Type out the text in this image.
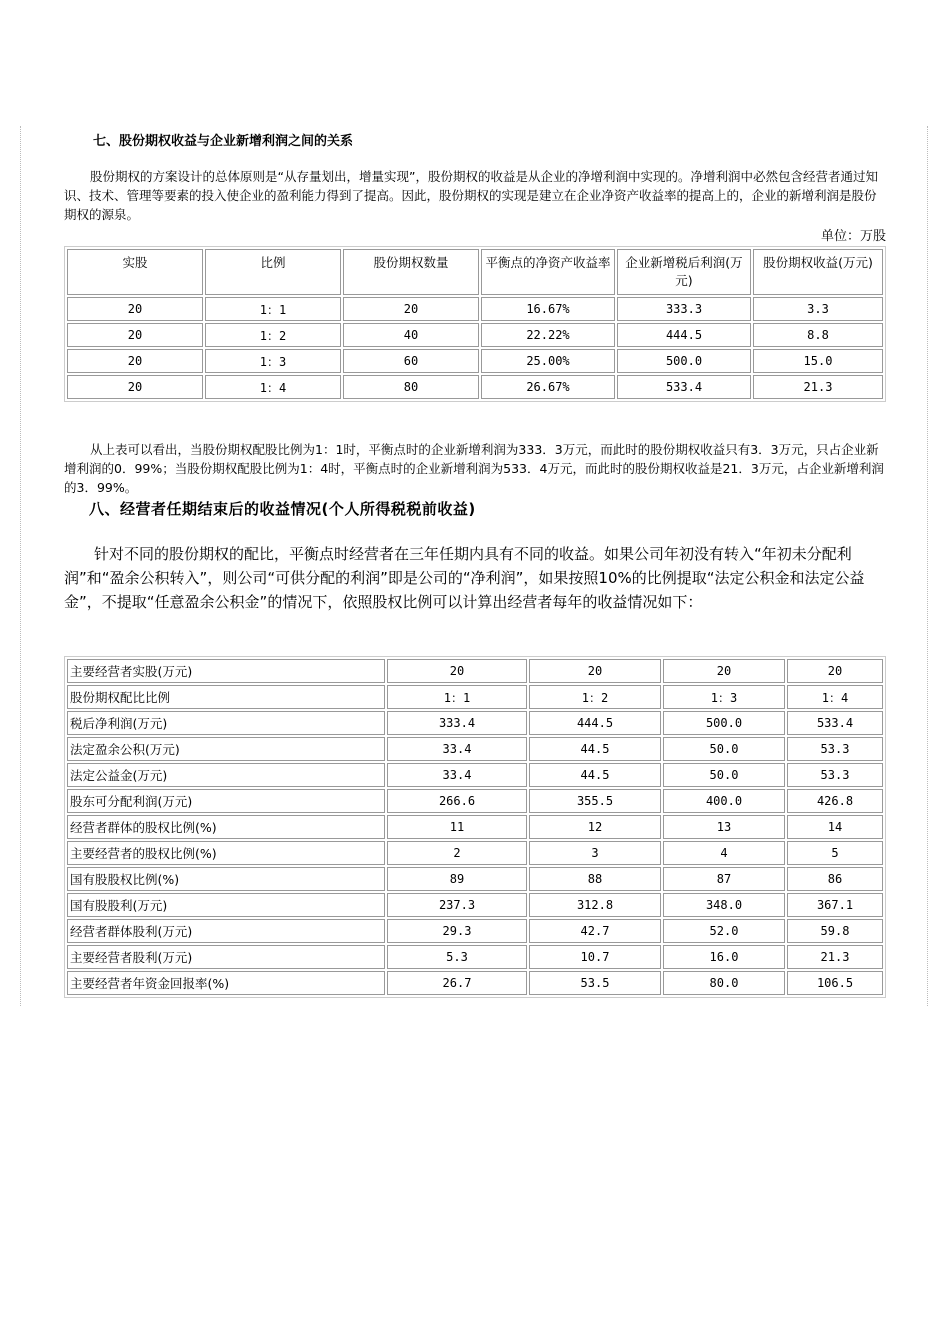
七、股份期权收益与企业新增利润之间的关系

股份期权的方案设计的总体原则是“从存量划出，增量实现”，股份期权的收益是从企业的净增利润中实现的。净增利润中必然包含经营者通过知识、技术、管理等要素的投入使企业的盈利能力得到了提高。因此，股份期权的实现是建立在企业净资产收益率的提高上的，企业的新增利润是股份期权的源泉。

单位：万股
实股	比例	股份期权数量	平衡点的净资产收益率	企业新增税后利润(万元)	股份期权收益(万元)
20	1：1	20	16.67%	333.3	3.3
20	1：2	40	22.22%	444.5	8.8
20	1：3	60	25.00%	500.0	15.0
20	1：4	80	26.67%	533.4	21.3

从上表可以看出，当股份期权配股比例为1：1时，平衡点时的企业新增利润为333．3万元，而此时的股份期权收益只有3．3万元，只占企业新增利润的0．99%；当股份期权配股比例为1：4时，平衡点时的企业新增利润为533．4万元，而此时的股份期权收益是21．3万元，占企业新增利润的3．99%。

八、经营者任期结束后的收益情况(个人所得税税前收益)

针对不同的股份期权的配比，平衡点时经营者在三年任期内具有不同的收益。如果公司年初没有转入“年初未分配利润”和“盈余公积转入”，则公司“可供分配的利润”即是公司的“净利润”，如果按照10%的比例提取“法定公积金和法定公益金”，不提取“任意盈余公积金”的情况下，依照股权比例可以计算出经营者每年的收益情况如下：

主要经营者实股(万元)	20	20	20	20
股份期权配比比例	1：1	1：2	1：3	1：4
税后净利润(万元)	333.4	444.5	500.0	533.4
法定盈余公积(万元)	33.4	44.5	50.0	53.3
法定公益金(万元)	33.4	44.5	50.0	53.3
股东可分配利润(万元)	266.6	355.5	400.0	426.8
经营者群体的股权比例(%)	11	12	13	14
主要经营者的股权比例(%)	2	3	4	5
国有股股权比例(%)	89	88	87	86
国有股股利(万元)	237.3	312.8	348.0	367.1
经营者群体股利(万元)	29.3	42.7	52.0	59.8
主要经营者股利(万元)	5.3	10.7	16.0	21.3
主要经营者年资金回报率(%)	26.7	53.5	80.0	106.5
